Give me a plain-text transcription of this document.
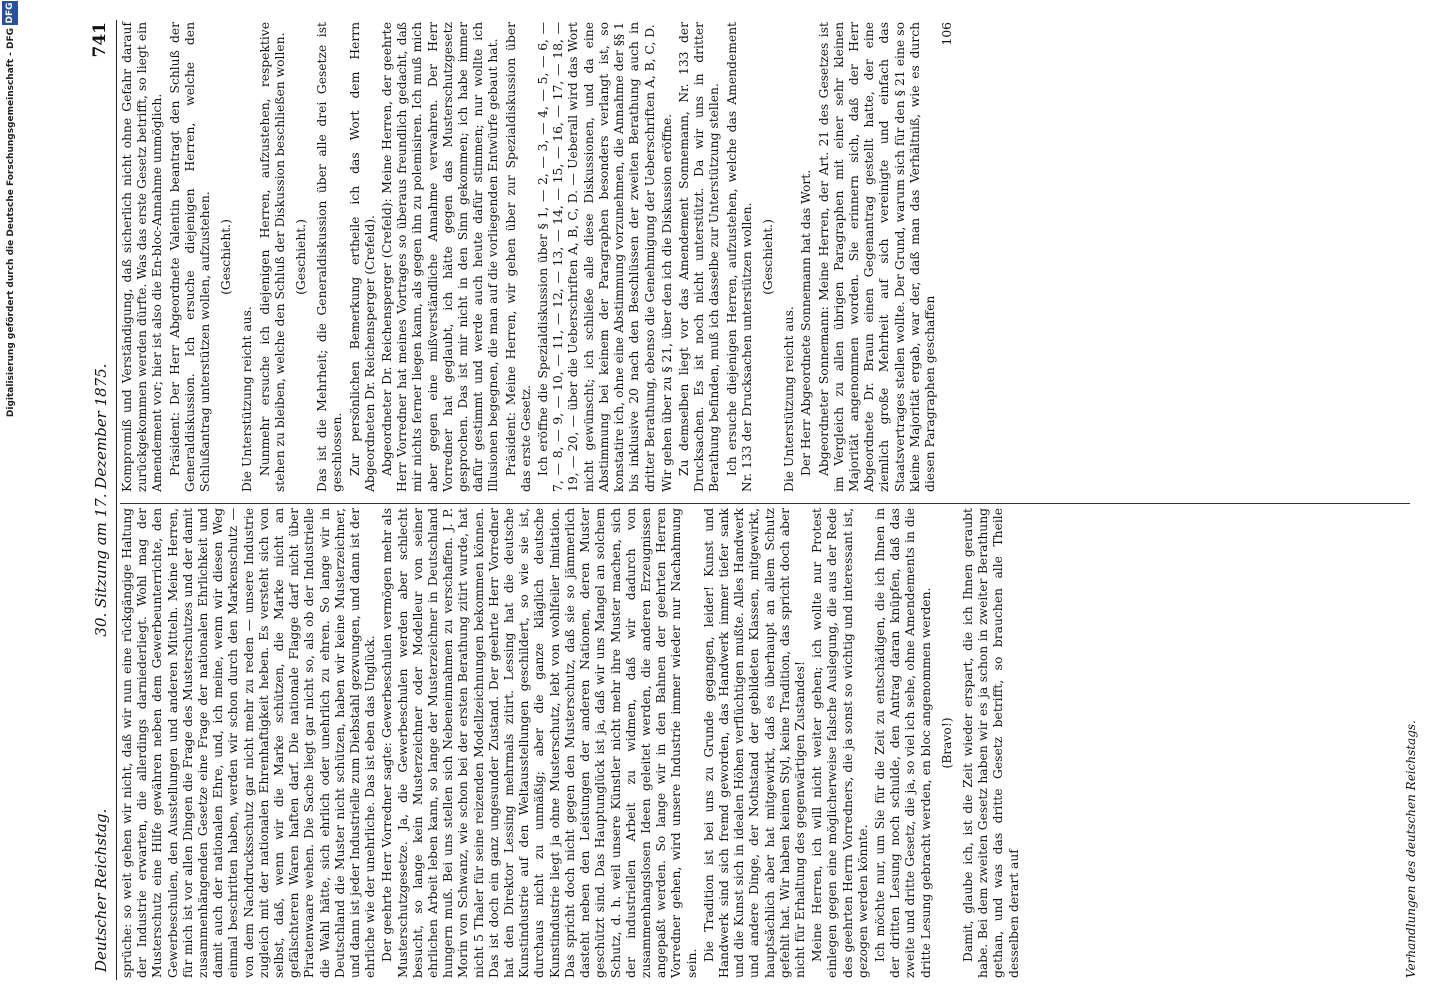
Digitalisierung gefördert durch die Deutsche Forschungsgemeinschaft - DFG
DFG
Deutscher Reichstag.
30. Sitzung am 17. Dezember 1875.
741

sprüche: so weit gehen wir nicht, daß wir nun eine rückgängige Haltung der Industrie erwarten, die allerdings darniederliegt. Wohl mag der Musterschutz eine Hilfe gewähren neben dem Gewerbeunterrichte, den Gewerbeschulen, den Ausstellungen und anderen Mitteln. Meine Herren, für mich ist vor allen Dingen die Frage des Musterschutzes und der damit zusammenhängenden Gesetze eine Frage der nationalen Ehrlichkeit und damit auch der nationalen Ehre, und, ich meine, wenn wir diesen Weg einmal beschritten haben, werden wir schon durch den Markenschutz — von dem Nachdrucksschutz gar nicht mehr zu reden — unsere Industrie zugleich mit der nationalen Ehrenhaftigkeit heben. Es versteht sich von selbst, daß, wenn wir die Marke schützen, die Marke nicht an gefälschteren Waren haften darf. Die nationale Flagge darf nicht über Piratenwaare wehen. Die Sache liegt gar nicht so, als ob der Industrielle die Wahl hätte, sich ehrlich oder unehrlich zu ehren. So lange wir in Deutschland die Muster nicht schützen, haben wir keine Musterzeichner, und dann ist jeder Industrielle zum Diebstahl gezwungen, und dann ist der ehrliche wie der unehrliche. Das ist eben das Unglück. Der geehrte Herr Vorredner sagte: Gewerbeschulen vermögen mehr als Musterschutzgesetze. Ja, die Gewerbeschulen werden aber schlecht besucht, so lange kein Musterzeichner oder Modelleur von seiner ehrlichen Arbeit leben kann, so lange der Musterzeichner in Deutschland hungern muß. Bei uns stellen sich Nebeneinnahmen zu verschaffen. J. P. Morin von Schwanz, wie schon bei der ersten Berathung zitirt wurde, hat nicht 5 Thaler für seine reizenden Modellzeichnungen bekommen können. Das ist doch ein ganz ungesunder Zustand. Der geehrte Herr Vorredner hat den Direktor Lessing mehrmals zitirt. Lessing hat die deutsche Kunstindustrie auf den Weltausstellungen geschildert, so wie sie ist, durchaus nicht zu unmäßig; aber die ganze kläglich deutsche Kunstindustrie liegt ja ohne Musterschutz, lebt von wohlfeiler Imitation. Das spricht doch nicht gegen den Musterschutz, daß sie so jämmerlich dasteht neben den Leistungen der anderen Nationen, deren Muster geschützt sind. Das Hauptunglück ist ja, daß wir uns Mangel an solchem Schutz, d. h. weil unsere Künstler nicht mehr ihre Muster machen, sich der industriellen Arbeit zu widmen, daß wir dadurch von zusammenhangslosen Ideen geleitet werden, die anderen Erzeugnissen angepaßt werden. So lange wir in den Bahnen der geehrten Herren Vorredner gehen, wird unsere Industrie immer wieder nur Nachahmung sein.

Die Tradition ist bei uns zu Grunde gegangen, leider! Kunst und Handwerk sind sich fremd geworden, das Handwerk immer tiefer sank und die Kunst sich in idealen Höhen verflüchtigen mußte. Alles Handwerk und andere Dinge, der Nothstand der gebildeten Klassen, mitgewirkt, hauptsächlich aber hat mitgewirkt, daß es überhaupt an allem Schutz gefehlt hat. Wir haben keinen Styl, keine Tradition, das spricht doch aber nicht für Erhaltung des gegenwärtigen Zustandes! Meine Herren, ich will nicht weiter gehen; ich wollte nur Protest einlegen gegen eine möglicherweise falsche Auslegung, die aus der Rede des geehrten Herrn Vorredners, die ja sonst so wichtig und interessant ist, gezogen werden könnte. Ich möchte nur, um Sie für die Zeit zu entschädigen, die ich Ihnen in der dritten Lesung noch schulde, den Antrag daran knüpfen, daß das zweite und dritte Gesetz, die ja, so viel ich sehe, ohne Amendements in die dritte Lesung gebracht werden, en bloc angenommen werden. (Bravo!) Damit, glaube ich, ist die Zeit wieder erspart, die ich Ihnen geraubt habe. Bei dem zweiten Gesetz haben wir es ja schon in zweiter Berathung gethan, und was das dritte Gesetz betrifft, so brauchen alle Theile desselben derart auf

Kompromiß und Verständigung, daß sicherlich nicht ohne Gefahr darauf zurückgekommen werden dürfte. Was das erste Gesetz betrifft, so liegt ein Amendement vor; hier ist also die En-bloc-Annahme unmöglich. Präsident: Der Herr Abgeordnete Valentin beantragt den Schluß der Generaldiskussion. Ich ersuche diejenigen Herren, welche den Schlußantrag unterstützen wollen, aufzustehen. (Geschieht.)

Die Unterstützung reicht aus. Nunmehr ersuche ich diejenigen Herren, aufzustehen, respektive stehen zu bleiben, welche den Schluß der Diskussion beschließen wollen. (Geschieht.) Das ist die Mehrheit; die Generaldiskussion über alle drei Gesetze ist geschlossen. Zur persönlichen Bemerkung ertheile ich das Wort dem Herrn Abgeordneten Dr. Reichensperger (Crefeld). Abgeordneter Dr. Reichensperger (Crefeld): Meine Herren, der geehrte Herr Vorredner hat meines Vortrages so überaus freundlich gedacht, daß mir nichts ferner liegen kann, als gegen ihn zu polemisiren. Ich muß mich aber gegen eine mißverständliche Annahme verwahren. Der Herr Vorredner hat geglaubt, ich hätte gegen das Musterschutzgesetz gesprochen. Das ist mir nicht in den Sinn gekommen; ich habe immer dafür gestimmt und werde auch heute dafür stimmen; nur wollte ich Illusionen begegnen, die man auf die vorliegenden Entwürfe gebaut hat. Präsident: Meine Herren, wir gehen über zur Spezialdiskussion über das erste Gesetz. Ich eröffne die Spezialdiskussion über § 1, — 2, — 3, — 4, — 5, — 6, — 7, — 8, — 9, — 10, — 11, — 12, — 13, — 14, — 15, — 16, — 17, — 18, — 19, — 20, — über die Ueberschriften A, B, C, D. — Ueberall wird das Wort nicht gewünscht; ich schließe alle diese Diskussionen, und da eine Abstimmung bei keinem der Paragraphen besonders verlangt ist, so konstatire ich, ohne eine Abstimmung vorzunehmen, die Annahme der §§ 1 bis inklusive 20 nach den Beschlüssen der zweiten Berathung auch in dritter Berathung, ebenso die Genehmigung der Ueberschriften A, B, C, D. Wir gehen über zu § 21, über den ich die Diskussion eröffne. Zu demselben liegt vor das Amendement Sonnemann, Nr. 133 der Drucksachen. Es ist noch nicht unterstützt. Da wir uns in dritter Berathung befinden, muß ich dasselbe zur Unterstützung stellen. Ich ersuche diejenigen Herren, aufzustehen, welche das Amendement Nr. 133 der Drucksachen unterstützen wollen. (Geschieht.)

Die Unterstützung reicht aus. Der Herr Abgeordnete Sonnemann hat das Wort. Abgeordneter Sonnemann: Meine Herren, der Art. 21 des Gesetzes ist im Vergleich zu allen übrigen Paragraphen mit einer sehr kleinen Majorität angenommen worden. Sie erinnern sich, daß der Herr Abgeordnete Dr. Braun einen Gegenantrag gestellt hatte, der eine ziemlich große Mehrheit auf sich vereinigte und einfach das Staatsvertrages stellen wollte. Der Grund, warum sich für den § 21 eine so kleine Majorität ergab, war der, daß man das Verhältniß, wie es durch diesen Paragraphen geschaffen

106

Verhandlungen des deutschen Reichstags.
